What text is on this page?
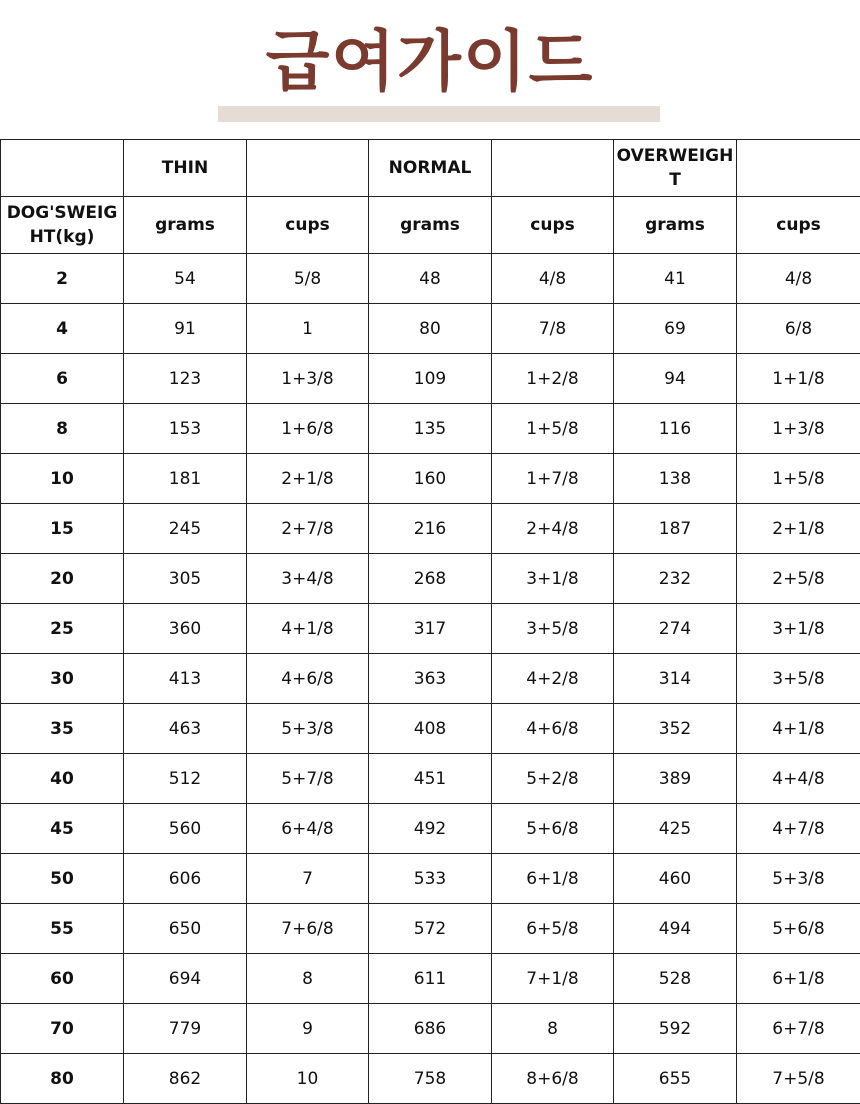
급여가이드
	THIN		NORMAL		OVERWEIGHT	
DOG'SWEIGHT(kg)	grams	cups	grams	cups	grams	cups
2	54	5/8	48	4/8	41	4/8
4	91	1	80	7/8	69	6/8
6	123	1+3/8	109	1+2/8	94	1+1/8
8	153	1+6/8	135	1+5/8	116	1+3/8
10	181	2+1/8	160	1+7/8	138	1+5/8
15	245	2+7/8	216	2+4/8	187	2+1/8
20	305	3+4/8	268	3+1/8	232	2+5/8
25	360	4+1/8	317	3+5/8	274	3+1/8
30	413	4+6/8	363	4+2/8	314	3+5/8
35	463	5+3/8	408	4+6/8	352	4+1/8
40	512	5+7/8	451	5+2/8	389	4+4/8
45	560	6+4/8	492	5+6/8	425	4+7/8
50	606	7	533	6+1/8	460	5+3/8
55	650	7+6/8	572	6+5/8	494	5+6/8
60	694	8	611	7+1/8	528	6+1/8
70	779	9	686	8	592	6+7/8
80	862	10	758	8+6/8	655	7+5/8
